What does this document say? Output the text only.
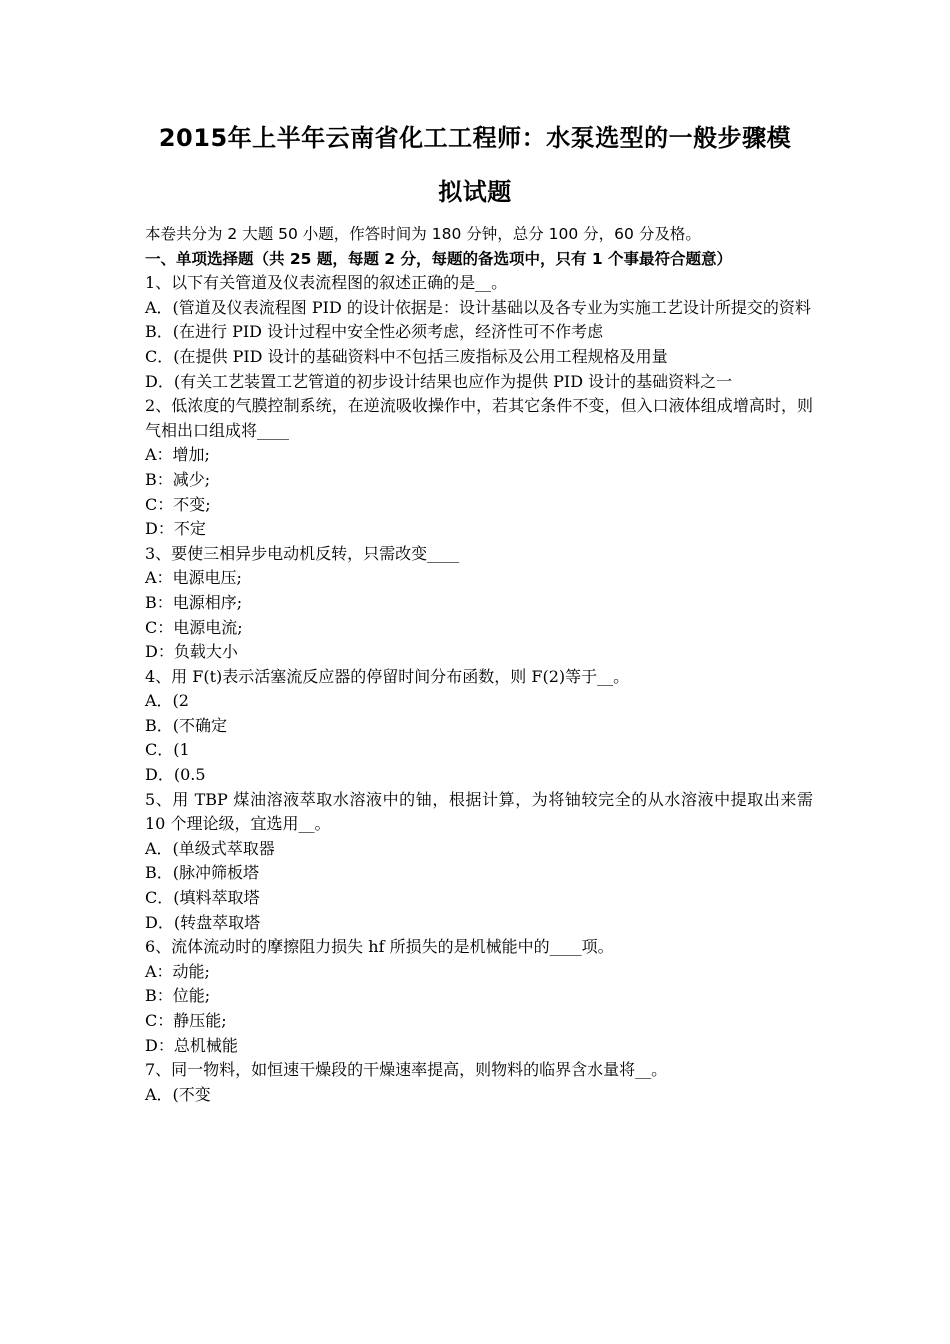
2015年上半年云南省化工工程师：水泵选型的一般步骤模
拟试题
本卷共分为 2 大题 50 小题，作答时间为 180 分钟，总分 100 分，60 分及格。
一、单项选择题（共 25 题，每题 2 分，每题的备选项中，只有 1 个事最符合题意）
1、以下有关管道及仪表流程图的叙述正确的是__。
A．(管道及仪表流程图 PID 的设计依据是：设计基础以及各专业为实施工艺设计所提交的资料
B．(在进行 PID 设计过程中安全性必须考虑，经济性可不作考虑
C．(在提供 PID 设计的基础资料中不包括三废指标及公用工程规格及用量
D．(有关工艺装置工艺管道的初步设计结果也应作为提供 PID 设计的基础资料之一
2、低浓度的气膜控制系统，在逆流吸收操作中，若其它条件不变，但入口液体组成增高时，则气相出口组成将____
A：增加;
B：减少;
C：不变;
D：不定
3、要使三相异步电动机反转，只需改变____
A：电源电压;
B：电源相序;
C：电源电流;
D：负载大小
4、用 F(t)表示活塞流反应器的停留时间分布函数，则 F(2)等于__。
A．(2
B．(不确定
C．(1
D．(0.5
5、用 TBP 煤油溶液萃取水溶液中的铀，根据计算，为将铀较完全的从水溶液中提取出来需 10 个理论级，宜选用__。
A．(单级式萃取器
B．(脉冲筛板塔
C．(填料萃取塔
D．(转盘萃取塔
6、流体流动时的摩擦阻力损失 hf 所损失的是机械能中的____项。
A：动能;
B：位能;
C：静压能;
D：总机械能
7、同一物料，如恒速干燥段的干燥速率提高，则物料的临界含水量将__。
A．(不变
